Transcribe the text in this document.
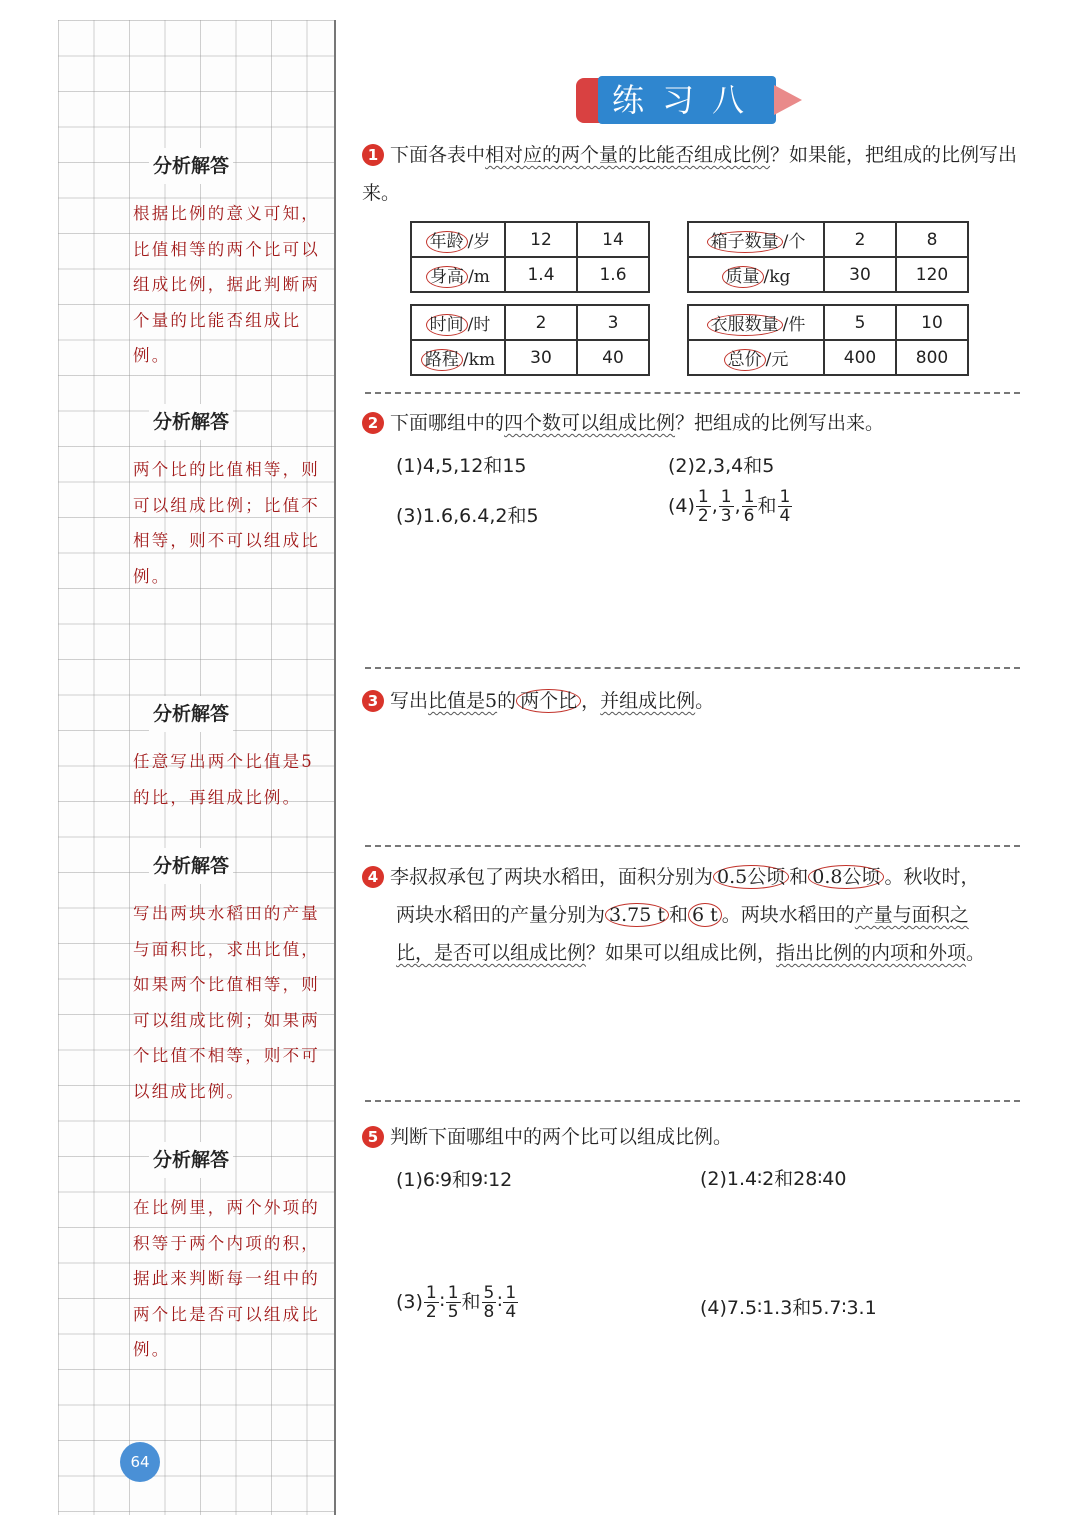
分析解答
根据比例的意义可知，比值相等的两个比可以组成比例，据此判断两个量的比能否组成比例。
分析解答
两个比的比值相等，则可以组成比例；比值不相等，则不可以组成比例。
分析解答
任意写出两个比值是5的比，再组成比例。
分析解答
写出两块水稻田的产量与面积比，求出比值，如果两个比值相等，则可以组成比例；如果两个比值不相等，则不可以组成比例。
分析解答
在比例里，两个外项的积等于两个内项的积，据此来判断每一组中的两个比是否可以组成比例。
64
练习八
1 下面各表中相对应的两个量的比能否组成比例？如果能，把组成的比例写出来。
年龄 /岁	12	14
身高 /m	1.4	1.6
箱子数量 /个	2	8
质量 /kg	30	120
时间 /时	2	3
路程 /km	30	40
衣服数量 /件	5	10
总价 /元	400	800
2 下面哪组中的四个数可以组成比例？把组成的比例写出来。
(1)4,5,12和15	(2)2,3,4和5
(3)1.6,6.4,2和5	$(4) \frac{1}{2}$ , $\frac{1}{3}$ , $\frac{1}{6}$ 和 $\frac{1}{4}$
3 写出比值是5的 两个比 ，并组成比例。
4 李叔叔承包了两块水稻田，面积分别为 0.5公顷 和 0.8公顷 。秋收时，
两块水稻田的产量分别为 3.75 t 和 6 t 。两块水稻田的产量与面积之
比，是否可以组成比例？如果可以组成比例，指出比例的内项和外项。
5 判断下面哪组中的两个比可以组成比例。
(1)6∶9和9∶12	(2)1.4∶2和28∶40
$(3) \frac{1}{2}$ ∶ $\frac{1}{5}$ 和 $\frac{5}{8}$ ∶ $\frac{1}{4}$	(4)7.5∶1.3和5.7∶3.1
